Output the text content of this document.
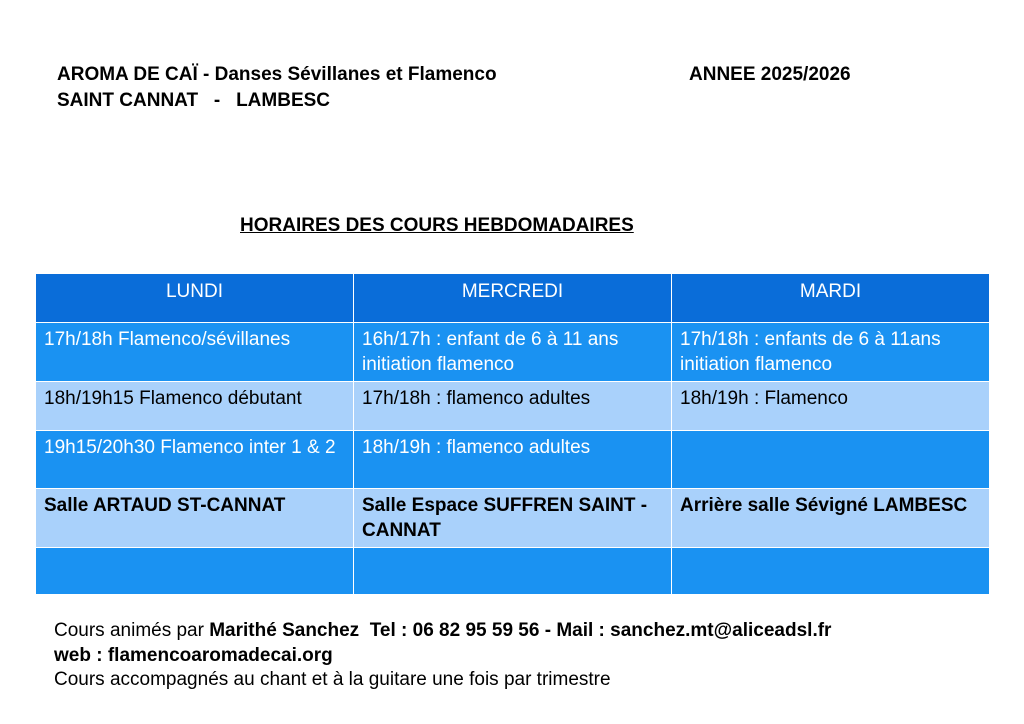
AROMA DE CAÏ - Danses Sévillanes et Flamenco
SAINT CANNAT   -   LAMBESC
ANNEE 2025/2026
HORAIRES DES COURS HEBDOMADAIRES
LUNDI	MERCREDI	MARDI
17h/18h Flamenco/sévillanes	16h/17h : enfant de 6 à 11 ans initiation flamenco	17h/18h : enfants de 6 à 11ans initiation flamenco
18h/19h15 Flamenco débutant	17h/18h : flamenco adultes	18h/19h : Flamenco
19h15/20h30 Flamenco inter 1 & 2	18h/19h : flamenco adultes	
Salle ARTAUD ST-CANNAT	Salle Espace SUFFREN SAINT - CANNAT	Arrière salle Sévigné LAMBESC

Cours animés par Marithé Sanchez  Tel : 06 82 95 59 56 - Mail : sanchez.mt@aliceadsl.fr
web : flamencoaromadecai.org
Cours accompagnés au chant et à la guitare une fois par trimestre
